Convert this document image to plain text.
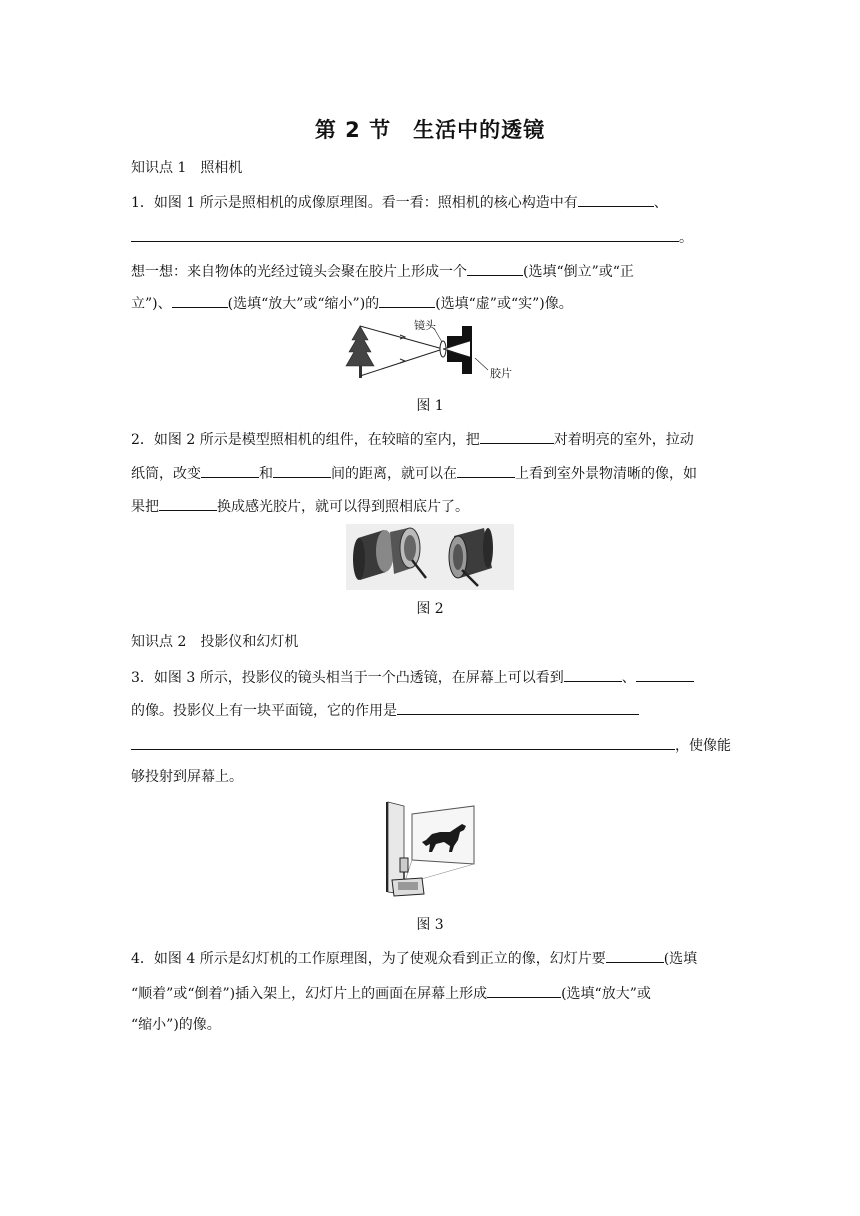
第 2 节　生活中的透镜
知识点 1　照相机
1．如图 1 所示是照相机的成像原理图。看一看：照相机的核心构造中有	、
。
想一想：来自物体的光经过镜头会聚在胶片上形成一个	(选填“倒立”或“正
立”)、	(选填“放大”或“缩小”)的	(选填“虚”或“实”)像。
镜头
胶片
图 1
2．如图 2 所示是模型照相机的组件，在较暗的室内，把	对着明亮的室外，拉动
纸筒，改变	和	间的距离，就可以在	上看到室外景物清晰的像，如
果把	换成感光胶片，就可以得到照相底片了。
图 2
知识点 2　投影仪和幻灯机
3．如图 3 所示，投影仪的镜头相当于一个凸透镜，在屏幕上可以看到	、
的像。投影仪上有一块平面镜，它的作用是
，使像能
够投射到屏幕上。
图 3
4．如图 4 所示是幻灯机的工作原理图，为了使观众看到正立的像，幻灯片要	(选填
“顺着”或“倒着”)插入架上，幻灯片上的画面在屏幕上形成	(选填“放大”或
“缩小”)的像。
